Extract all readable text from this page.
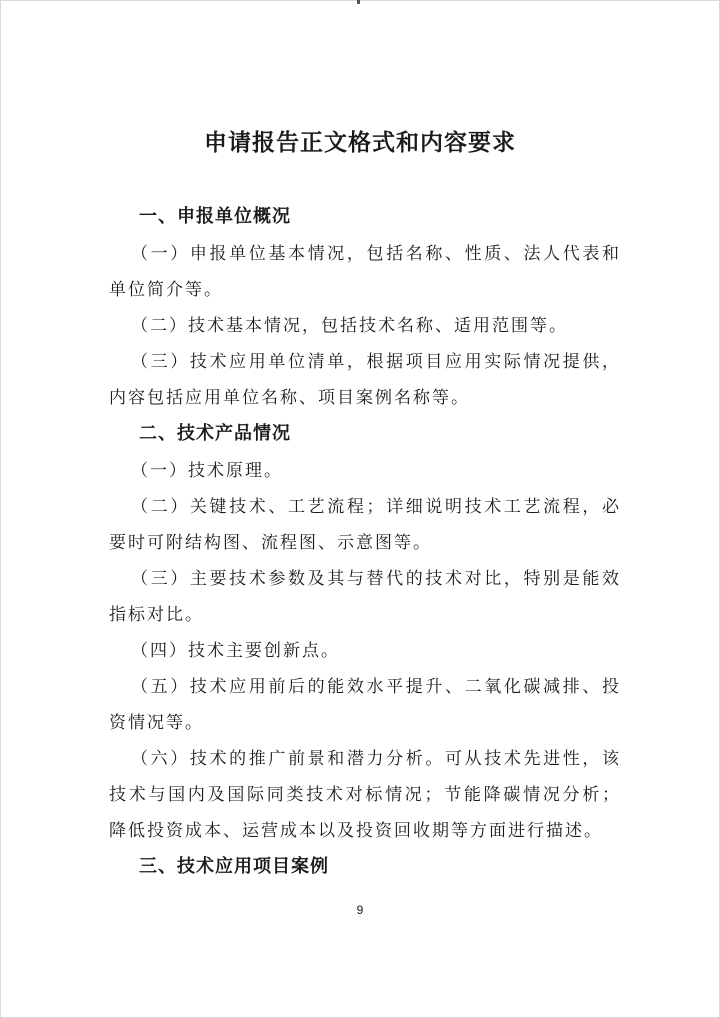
申请报告正文格式和内容要求
一、申报单位概况

（一）申报单位基本情况，包括名称、性质、法人代表和单位简介等。

（二）技术基本情况，包括技术名称、适用范围等。

（三）技术应用单位清单，根据项目应用实际情况提供，内容包括应用单位名称、项目案例名称等。

二、技术产品情况

（一）技术原理。

（二）关键技术、工艺流程；详细说明技术工艺流程，必要时可附结构图、流程图、示意图等。

（三）主要技术参数及其与替代的技术对比，特别是能效指标对比。

（四）技术主要创新点。

（五）技术应用前后的能效水平提升、二氧化碳减排、投资情况等。

（六）技术的推广前景和潜力分析。可从技术先进性，该技术与国内及国际同类技术对标情况；节能降碳情况分析；降低投资成本、运营成本以及投资回收期等方面进行描述。

三、技术应用项目案例

9
